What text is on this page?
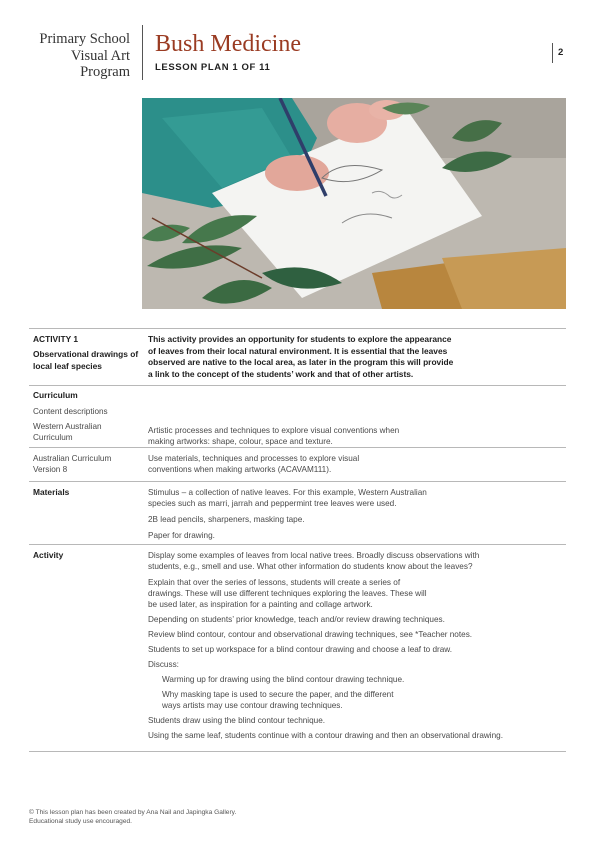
Primary School
Visual Art
Program
Bush Medicine
LESSON PLAN 1 OF 11
2
ACTIVITY 1
Observational drawings of local leaf species
This activity provides an opportunity for students to explore the appearance
of leaves from their local natural environment. It is essential that the leaves
observed are native to the local area, as later in the program this will provide
a link to the concept of the students’ work and that of other artists.
Curriculum
Content descriptions
Western Australian
Curriculum
Artistic processes and techniques to explore visual conventions when
making artworks: shape, colour, space and texture.
Australian Curriculum
Version 8
Use materials, techniques and processes to explore visual
conventions when making artworks (ACAVAM111).
Materials	Stimulus – a collection of native leaves. For this example, Western Australian
species such as marri, jarrah and peppermint tree leaves were used.
2B lead pencils, sharpeners, masking tape.
Paper for drawing.
Activity	Display some examples of leaves from local native trees. Broadly discuss observations with
students, e.g., smell and use. What other information do students know about the leaves?
Explain that over the series of lessons, students will create a series of
drawings. These will use different techniques exploring the leaves. These will
be used later, as inspiration for a painting and collage artwork.
Depending on students’ prior knowledge, teach and/or review drawing techniques.
Review blind contour, contour and observational drawing techniques, see *Teacher notes.
Students to set up workspace for a blind contour drawing and choose a leaf to draw.
Discuss:
Warming up for drawing using the blind contour drawing technique.
Why masking tape is used to secure the paper, and the different
ways artists may use contour drawing techniques.
Students draw using the blind contour technique.
Using the same leaf, students continue with a contour drawing and then an observational drawing.
© This lesson plan has been created by Ana Nail and Japingka Gallery.
Educational study use encouraged.
